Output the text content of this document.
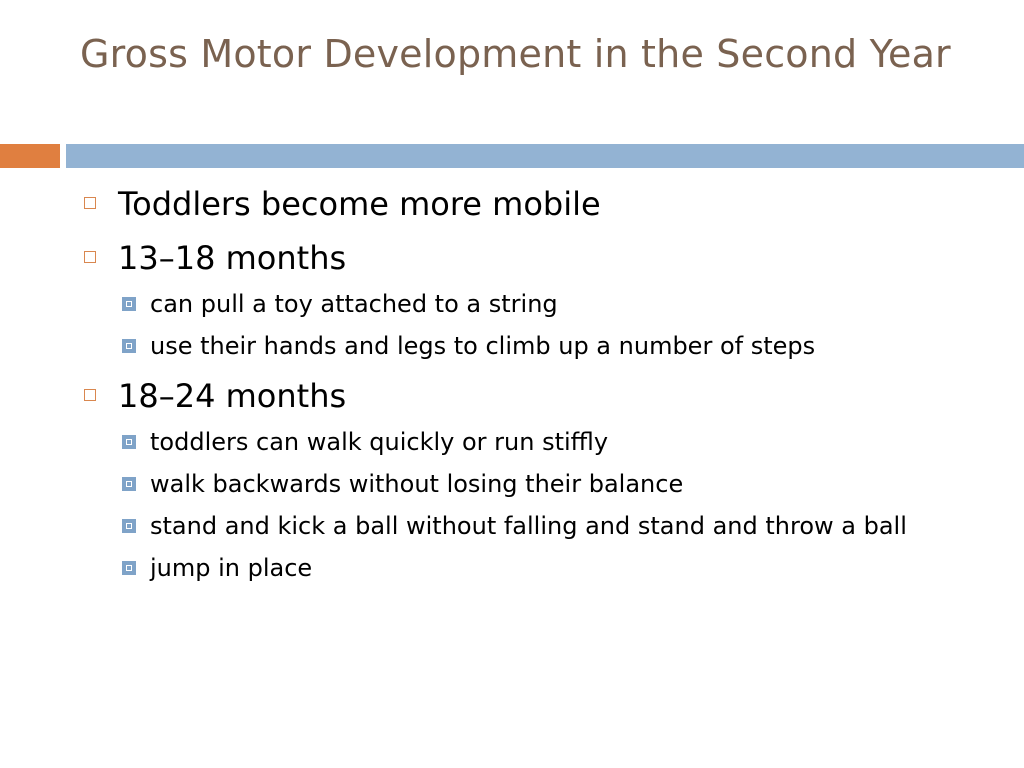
Gross Motor Development in the Second Year
Toddlers become more mobile
13–18 months
can pull a toy attached to a string
use their hands and legs to climb up a number of steps
18–24 months
toddlers can walk quickly or run stiffly
walk backwards without losing their balance
stand and kick a ball without falling and stand and throw a ball
jump in place
